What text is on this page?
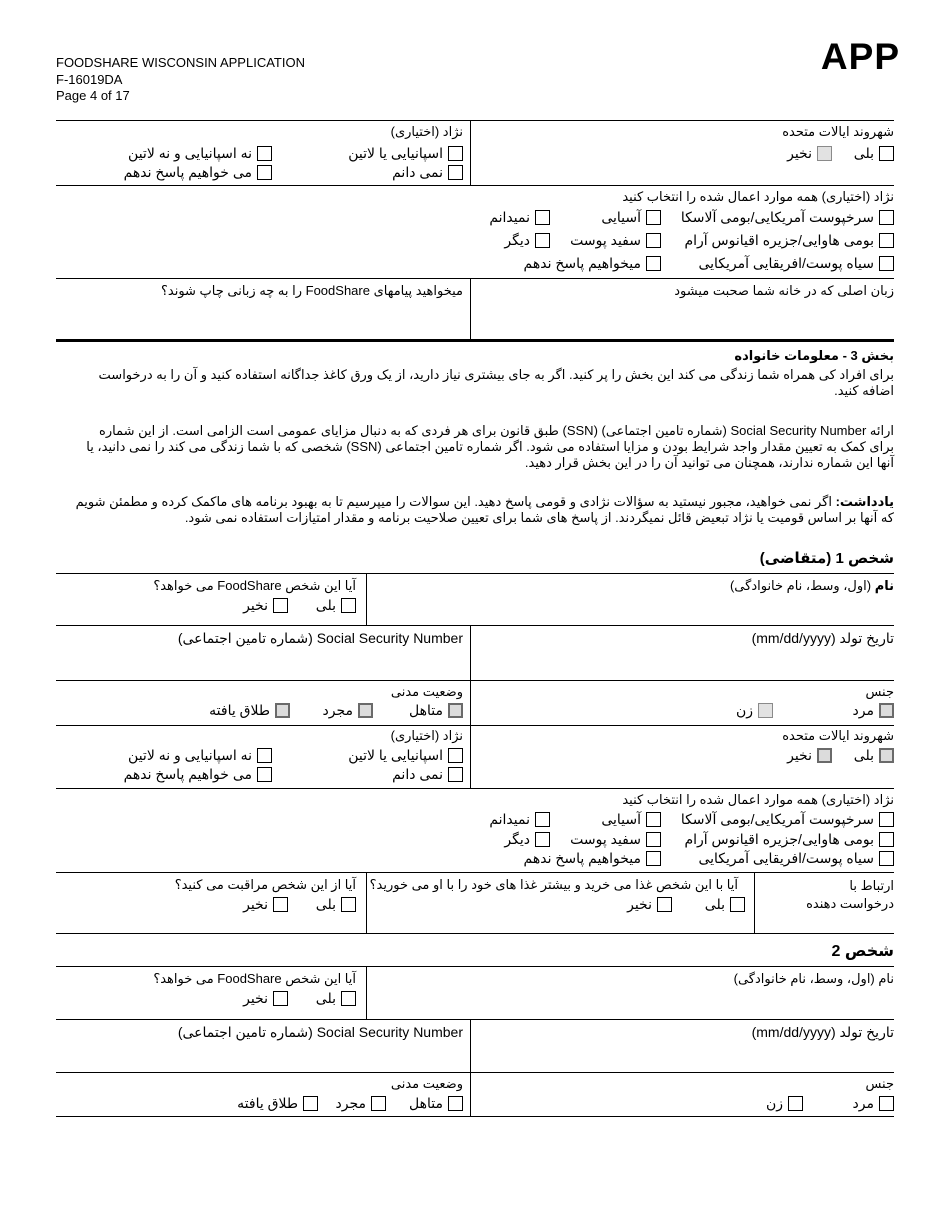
FOODSHARE WISCONSIN APPLICATION
F-16019DA
Page 4 of 17
APP
شهروند ایالات متحده
بلی
نخیر
نژاد (اختیاری)
اسپانیایی یا لاتین
نه اسپانیایی و نه لاتین
نمی دانم
می خواهیم پاسخ ندهم
نژاد (اختیاری) همه موارد اعمال شده را انتخاب کنید
سرخپوست آمریکایی/بومی آلاسکا
آسیایی
نمیدانم
بومی هاوایی/جزیره اقیانوس آرام
سفید پوست
دیگر
سیاه پوست/افریقایی آمریکایی
میخواهیم پاسخ ندهم
زبان اصلی که در خانه شما صحبت میشود
میخواهید پیامهای FoodShare را به چه زبانی چاپ شوند؟
بخش 3 - معلومات خانواده
برای افراد کی همراه شما زندگی می کند این بخش را پر کنید. اگر به جای بیشتری نیاز دارید، از یک ورق کاغذ جداگانه استفاده کنید و آن را به درخواست اضافه کنید.
ارائه Social Security Number (شماره تامین اجتماعی) (SSN) طبق قانون برای هر فردی که به دنبال مزایای عمومی است الزامی است. از این شماره برای کمک به تعیین مقدار واجد شرایط بودن و مزایا استفاده می شود. اگر شماره تامین اجتماعی (SSN) شخصی که با شما زندگی می کند را نمی دانید، یا آنها این شماره ندارند، همچنان می توانید آن را در این بخش قرار دهید.
یادداشت: اگر نمی خواهید، مجبور نیستید به سؤالات نژادی و قومی پاسخ دهید. این سوالات را میپرسیم تا به بهبود برنامه های ماکمک کرده و مطمئن شویم که آنها بر اساس قومیت یا نژاد تبعیض قائل نمیگردند. از پاسخ های شما برای تعیین صلاحیت برنامه و مقدار امتیازات استفاده نمی شود.
شخص 1 (متقاضی)
نام (اول، وسط، نام خانوادگی)
آیا این شخص FoodShare می خواهد؟
بلی
نخیر
تاریخ تولد (mm/dd/yyyy)
Social Security Number (شماره تامین اجتماعی)
جنس
مرد
زن
وضعیت مدنی
متاهل
مجرد
طلاق یافته
شهروند ایالات متحده
بلی
نخیر
نژاد (اختیاری)
اسپانیایی یا لاتین
نه اسپانیایی و نه لاتین
نمی دانم
می خواهیم پاسخ ندهم
نژاد (اختیاری) همه موارد اعمال شده را انتخاب کنید
سرخپوست آمریکایی/بومی آلاسکا
آسیایی
نمیدانم
بومی هاوایی/جزیره اقیانوس آرام
سفید پوست
دیگر
سیاه پوست/افریقایی آمریکایی
میخواهیم پاسخ ندهم
ارتباط با درخواست دهنده
آیا با این شخص غذا می خرید و بیشتر غذا های خود را با او می خورید؟
بلی
نخیر
آیا از این شخص مراقبت می کنید؟
بلی
نخیر
شخص 2
نام (اول، وسط، نام خانوادگی)
آیا این شخص FoodShare می خواهد؟
بلی
نخیر
تاریخ تولد (mm/dd/yyyy)
Social Security Number (شماره تامین اجتماعی)
جنس
مرد
زن
وضعیت مدنی
متاهل
مجرد
طلاق یافته
